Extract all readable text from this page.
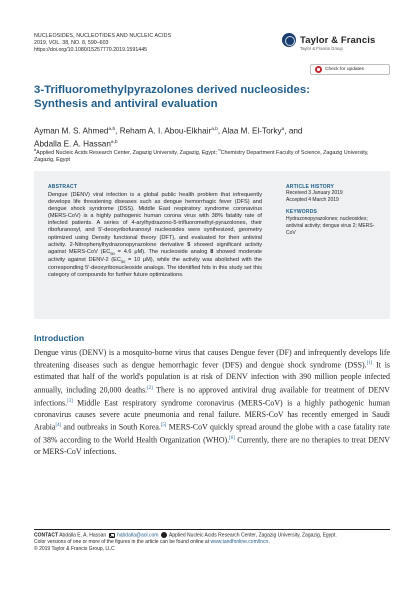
NUCLEOSIDES, NUCLEOTIDES AND NUCLEIC ACIDS
2019, VOL. 38, NO. 8, 590–603
https://doi.org/10.1080/15257770.2019.1591445
Taylor & Francis
Taylor & Francis Group
Check for updates
3-Trifluoromethylpyrazolones derived nucleosides:
Synthesis and antiviral evaluation
Ayman M. S. Ahmed$^{a,b}$, Reham A. I. Abou-Elkhair$^{a,b}$, Alaa M. El-Torky$^a$, and
Abdalla E. A. Hassan$^{a,b}$
$^a$Applied Nucleic Acids Research Center, Zagazig University, Zagazig, Egypt; $^b$Chemistry Department Faculty of Science, Zagazig University, Zagazig, Egypt
ABSTRACT

Dengue (DENV) viral infection is a global public health problem that infrequently develops life threatening diseases such as dengue hemorrhagic fever (DFS) and dengue shock syndrome (DSS). Middle East respiratory syndrome coronavirus (MERS-CoV) is a highly pathogenic human corona virus with 38% fatality rate of infected patients. A series of 4-arylhydrazono-5-trifluoromethyl-pyrazolones, their ribofuranosyl, and 5′-deoxyribofuranosyl nucleosides were synthesized, geometry optimized using Density functional theory (DFT), and evaluated for their antiviral activity. 2-Nitrophenylhydrazonopyrazolone derivative 5 showed significant activity against MERS-CoV ($EC_{50} = 4.6$ μM). The nucleoside analog 8 showed moderate activity against DENV-2 ($EC_{50} = 10$ μM), while the activity was abolished with the corresponding 5′-deoxyribonucleoside analogs. The identified hits in this study set this category of compounds for further future optimizations.

ARTICLE HISTORY
Received 3 January 2019
Accepted 4 March 2019
KEYWORDS
Hydrazonopyrazolones; nucleosides; antiviral activity; dengue virus 2; MERS-CoV
Introduction

Dengue virus (DENV) is a mosquito-borne virus that causes Dengue fever (DF) and infrequently develops life threatening diseases such as dengue hemorrhagic fever (DFS) and dengue shock syndrome (DSS).[1] It is estimated that half of the world's population is at risk of DENV infection with 390 million people infected annually, including 20,000 deaths.[2] There is no approved antiviral drug available for treatment of DENV infections.[3] Middle East respiratory syndrome coronavirus (MERS-CoV) is a highly pathogenic human coronavirus causes severe acute pneumonia and renal failure. MERS-CoV has recently emerged in Saudi Arabia[4] and outbreaks in South Korea.[5] MERS-CoV quickly spread around the globe with a case fatality rate of 38% according to the World Health Organization (WHO).[6] Currently, there are no therapies to treat DENV or MERS-CoV infections.

CONTACT Abdalla E. A. Hassan habdalla@aol.com Applied Nucleic Acids Research Center, Zagazig University, Zagazig, Egypt.
Color versions of one or more of the figures in the article can be found online at www.tandfonline.com/lncn.
© 2019 Taylor & Francis Group, LLC
